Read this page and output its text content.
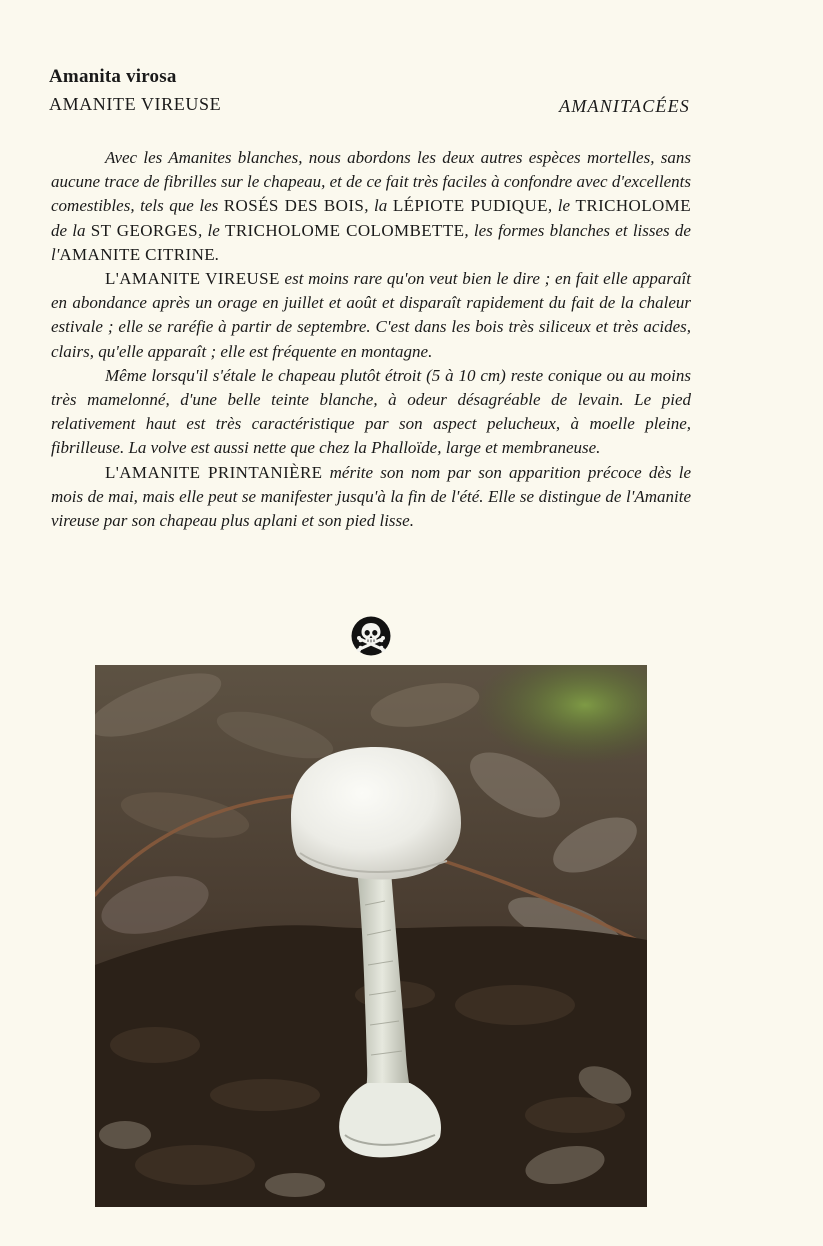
Amanita virosa
AMANITE VIREUSE	AMANITACÉES

Avec les Amanites blanches, nous abordons les deux autres espèces mortelles, sans aucune trace de fibrilles sur le chapeau, et de ce fait très faciles à confondre avec d'excellents comestibles, tels que les ROSÉS DES BOIS, la LÉPIOTE PUDIQUE, le TRICHOLOME de la ST GEORGES, le TRICHOLOME COLOMBETTE, les formes blanches et lisses de l'AMANITE CITRINE.

L'AMANITE VIREUSE est moins rare qu'on veut bien le dire ; en fait elle apparaît en abondance après un orage en juillet et août et disparaît rapidement du fait de la chaleur estivale ; elle se raréfie à partir de septembre. C'est dans les bois très siliceux et très acides, clairs, qu'elle apparaît ; elle est fréquente en montagne.

Même lorsqu'il s'étale le chapeau plutôt étroit (5 à 10 cm) reste conique ou au moins très mamelonné, d'une belle teinte blanche, à odeur désagréable de levain. Le pied relativement haut est très caractéristique par son aspect pelucheux, à moelle pleine, fibrilleuse. La volve est aussi nette que chez la Phalloïde, large et membraneuse.

L'AMANITE PRINTANIÈRE mérite son nom par son apparition précoce dès le mois de mai, mais elle peut se manifester jusqu'à la fin de l'été. Elle se distingue de l'Amanite vireuse par son chapeau plus aplani et son pied lisse.
